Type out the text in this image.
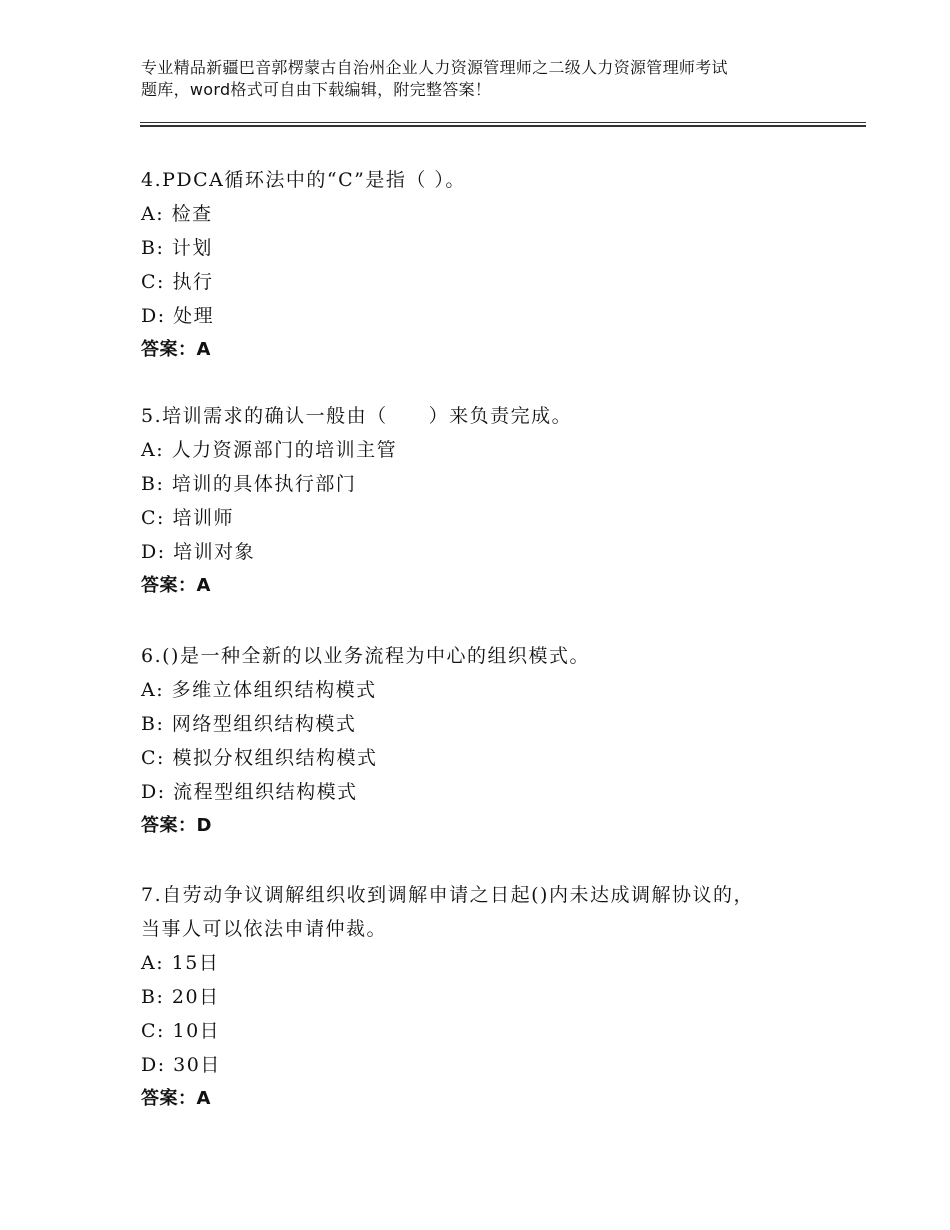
专业精品新疆巴音郭楞蒙古自治州企业人力资源管理师之二级人力资源管理师考试
题库，word格式可自由下载编辑，附完整答案！
4.PDCA循环法中的“C”是指（ ）。
A: 检查
B: 计划
C: 执行
D: 处理
答案：A
5.培训需求的确认一般由（　　）来负责完成。
A: 人力资源部门的培训主管
B: 培训的具体执行部门
C: 培训师
D: 培训对象
答案：A
6.()是一种全新的以业务流程为中心的组织模式。
A: 多维立体组织结构模式
B: 网络型组织结构模式
C: 模拟分权组织结构模式
D: 流程型组织结构模式
答案：D
7.自劳动争议调解组织收到调解申请之日起()内未达成调解协议的，
当事人可以依法申请仲裁。
A: 15日
B: 20日
C: 10日
D: 30日
答案：A
